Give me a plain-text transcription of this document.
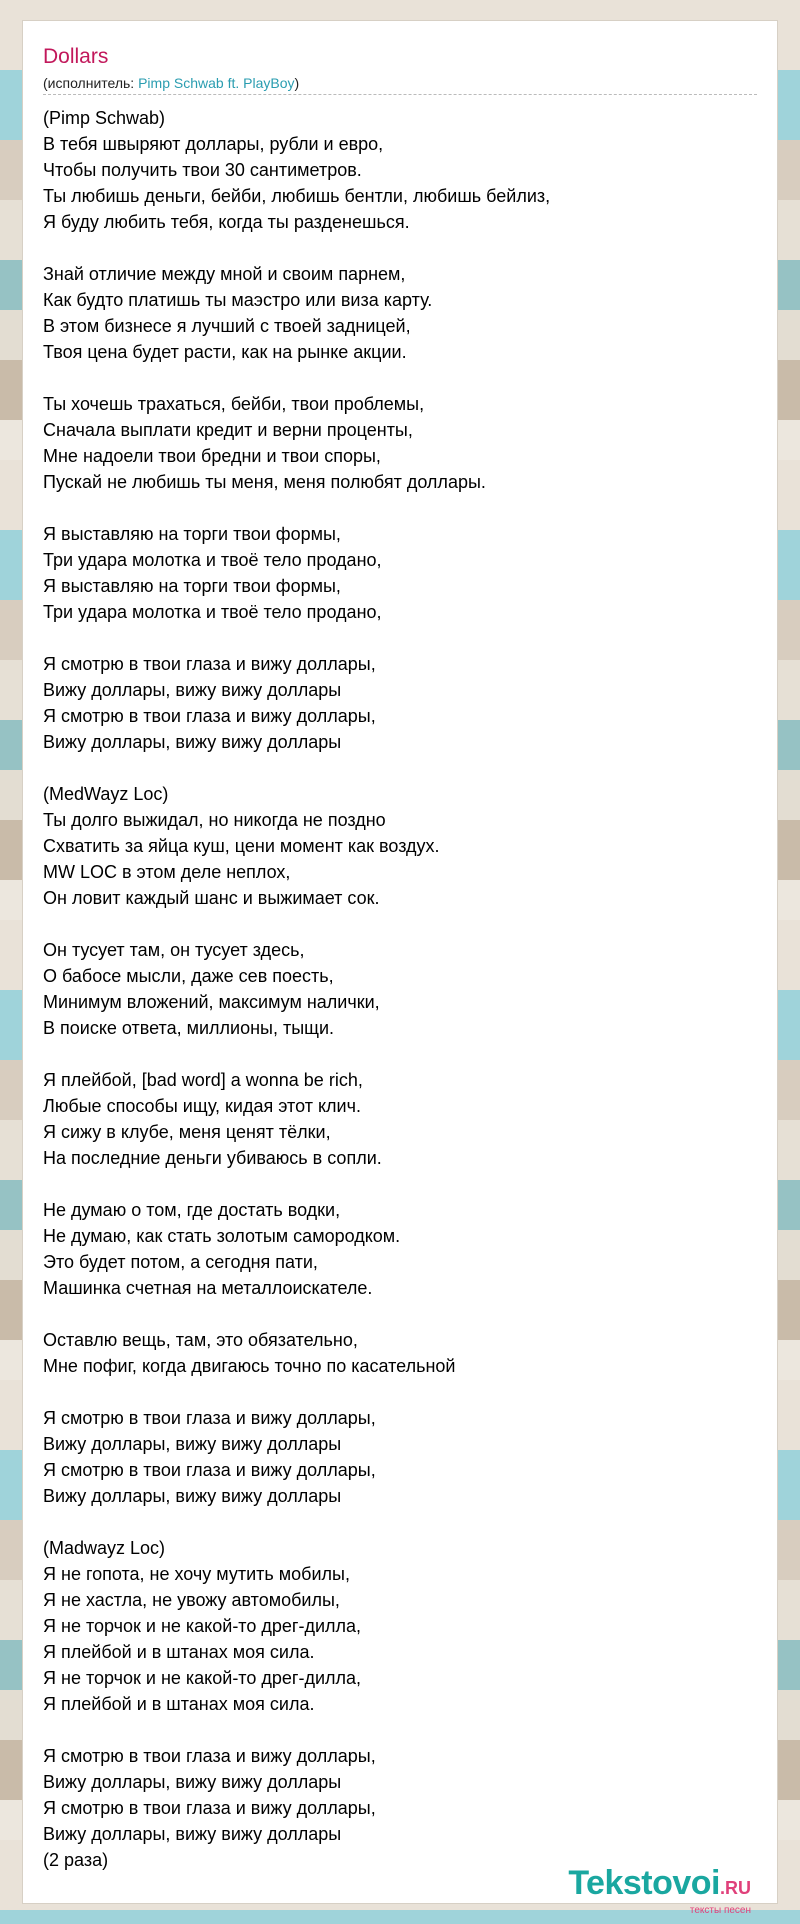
Dollars
(исполнитель: Pimp Schwab ft. PlayBoy)
(Pimp Schwab)
В тебя швыряют доллары, рубли и евро,
Чтобы получить твои 30 сантиметров.
Ты любишь деньги, бейби, любишь бентли, любишь бейлиз,
Я буду любить тебя, когда ты разденешься.
Знай отличие между мной и своим парнем,
Как будто платишь ты маэстро или виза карту.
В этом бизнесе я лучший с твоей задницей,
Твоя цена будет расти, как на рынке акции.
Ты хочешь трахаться, бейби, твои проблемы,
Сначала выплати кредит и верни проценты,
Мне надоели твои бредни и твои споры,
Пускай не любишь ты меня, меня полюбят доллары.
Я выставляю на торги твои формы,
Три удара молотка и твоё тело продано,
Я выставляю на торги твои формы,
Три удара молотка и твоё тело продано,
Я смотрю в твои глаза и вижу доллары,
Вижу доллары, вижу вижу доллары
Я смотрю в твои глаза и вижу доллары,
Вижу доллары, вижу вижу доллары
(MedWayz Loc)
Ты долго выжидал, но никогда не поздно
Схватить за яйца куш, цени момент как воздух.
MW LOC в этом деле неплох,
Он ловит каждый шанс и выжимает сок.
Он тусует там, он тусует здесь,
О бабосе мысли, даже сев поесть,
Минимум вложений, максимум налички,
В поиске ответа, миллионы, тыщи.
Я плейбой, [bad word] a wonna be rich,
Любые способы ищу, кидая этот клич.
Я сижу в клубе, меня ценят тёлки,
На последние деньги убиваюсь в сопли.
Не думаю о том, где достать водки,
Не думаю, как стать золотым самородком.
Это будет потом, а сегодня пати,
Машинка счетная на металлоискателе.
Оставлю вещь, там, это обязательно,
Мне пофиг, когда двигаюсь точно по касательной
Я смотрю в твои глаза и вижу доллары,
Вижу доллары, вижу вижу доллары
Я смотрю в твои глаза и вижу доллары,
Вижу доллары, вижу вижу доллары
(Madwayz Loc)
Я не гопота, не хочу мутить мобилы,
Я не хастла, не увожу автомобилы,
Я не торчок и не какой-то дрег-дилла,
Я плейбой и в штанах моя сила.
Я не торчок и не какой-то дрег-дилла,
Я плейбой и в штанах моя сила.
Я смотрю в твои глаза и вижу доллары,
Вижу доллары, вижу вижу доллары
Я смотрю в твои глаза и вижу доллары,
Вижу доллары, вижу вижу доллары
(2 раза)
Tekstovoi.RU
тексты песен
